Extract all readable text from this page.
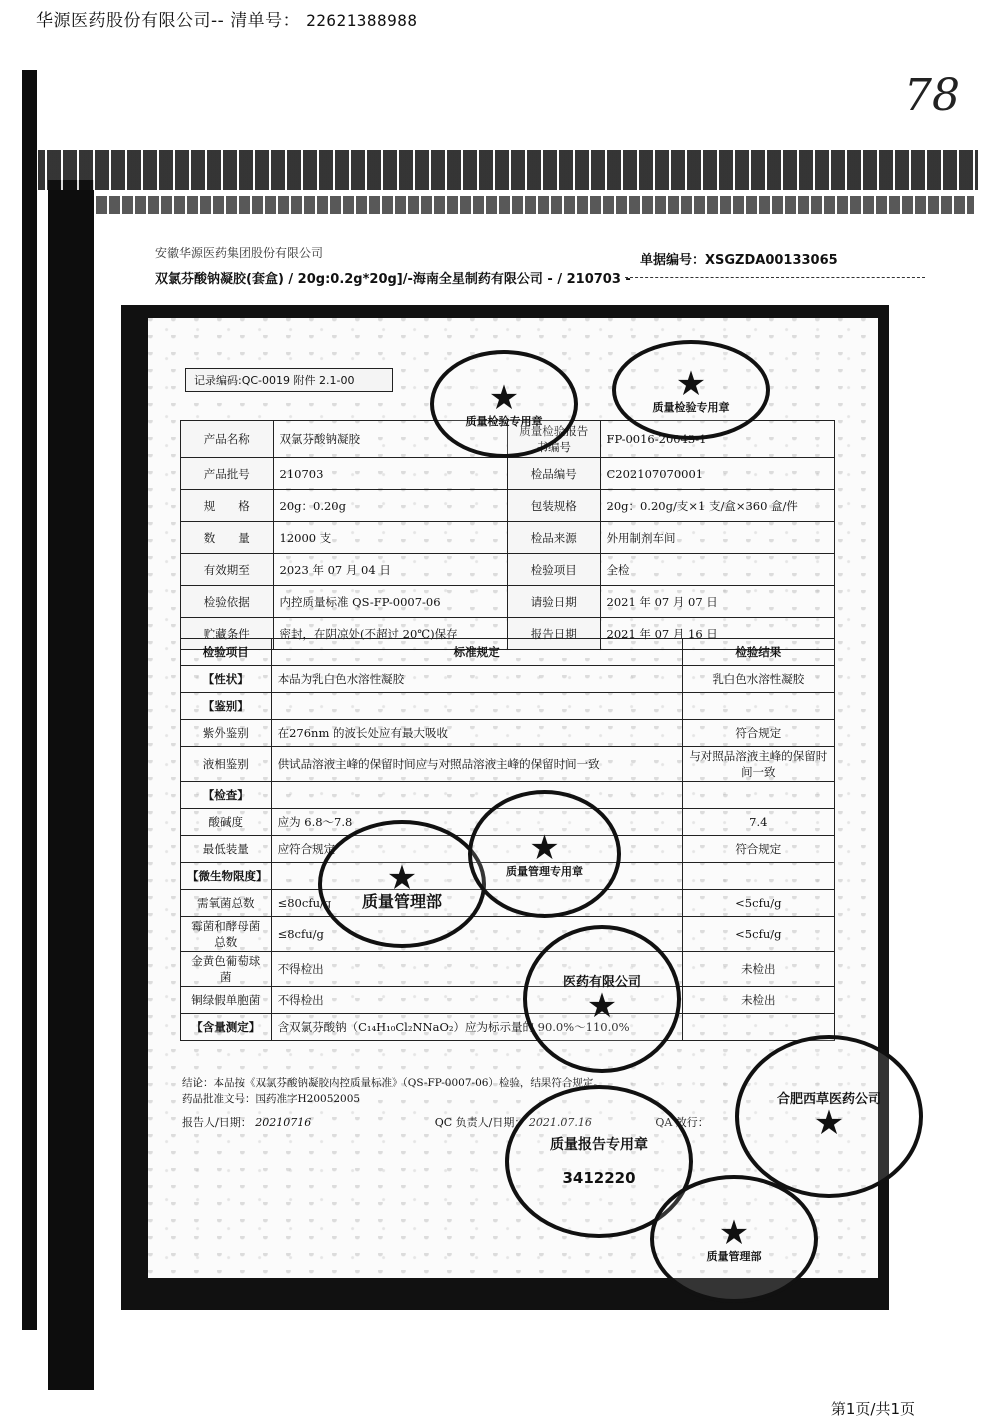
华源医药股份有限公司-- 清单号： 22621388988
78
安徽华源医药集团股份有限公司	单据编号：XSGZDA00133065
双氯芬酸钠凝胶(套盒) / 20g:0.2g*20g]/-海南全星制药有限公司 - / 210703 -
记录编码:QC-0019 附件 2.1-00
产品名称	双氯芬酸钠凝胶	质量检验报告书编号	FP-0016-20043-1
产品批号	210703	检品编号	C202107070001
规　　格	20g：0.20g	包装规格	20g：0.20g/支×1 支/盒×360 盒/件
数　　量	12000 支	检品来源	外用制剂车间
有效期至	2023 年 07 月 04 日	检验项目	全检
检验依据	内控质量标准 QS-FP-0007-06	请验日期	2021 年 07 月 07 日
贮藏条件	密封，在阴凉处(不超过 20℃)保存	报告日期	2021 年 07 月 16 日
检验项目	标准规定	检验结果
【性状】	本品为乳白色水溶性凝胶	乳白色水溶性凝胶
【鉴别】		
紫外鉴别	在276nm 的波长处应有最大吸收	符合规定
液相鉴别	供试品溶液主峰的保留时间应与对照品溶液主峰的保留时间一致	与对照品溶液主峰的保留时间一致
【检查】		
酸碱度	应为 6.8～7.8	7.4
最低装量	应符合规定	符合规定
【微生物限度】		
需氧菌总数	≤80cfu/g	<5cfu/g
霉菌和酵母菌总数	≤8cfu/g	<5cfu/g
金黄色葡萄球菌	不得检出	未检出
铜绿假单胞菌	不得检出	未检出
【含量测定】	含双氯芬酸钠（C₁₄H₁₀Cl₂NNaO₂）应为标示量的 90.0%～110.0%	
结论：本品按《双氯芬酸钠凝胶内控质量标准》（QS-FP-0007-06）检验，结果符合规定。
药品批准文号：国药准字H20052005
报告人/日期： 20210716	QC 负责人/日期： 2021.07.16	QA 放行：
★
质量检验专用章
★
质量检验专用章
★
质量管理部
★
质量管理专用章
医药有限公司
★
质量报告专用章
3412220
合肥西草医药公司
★
★
质量管理部
第1页/共1页
